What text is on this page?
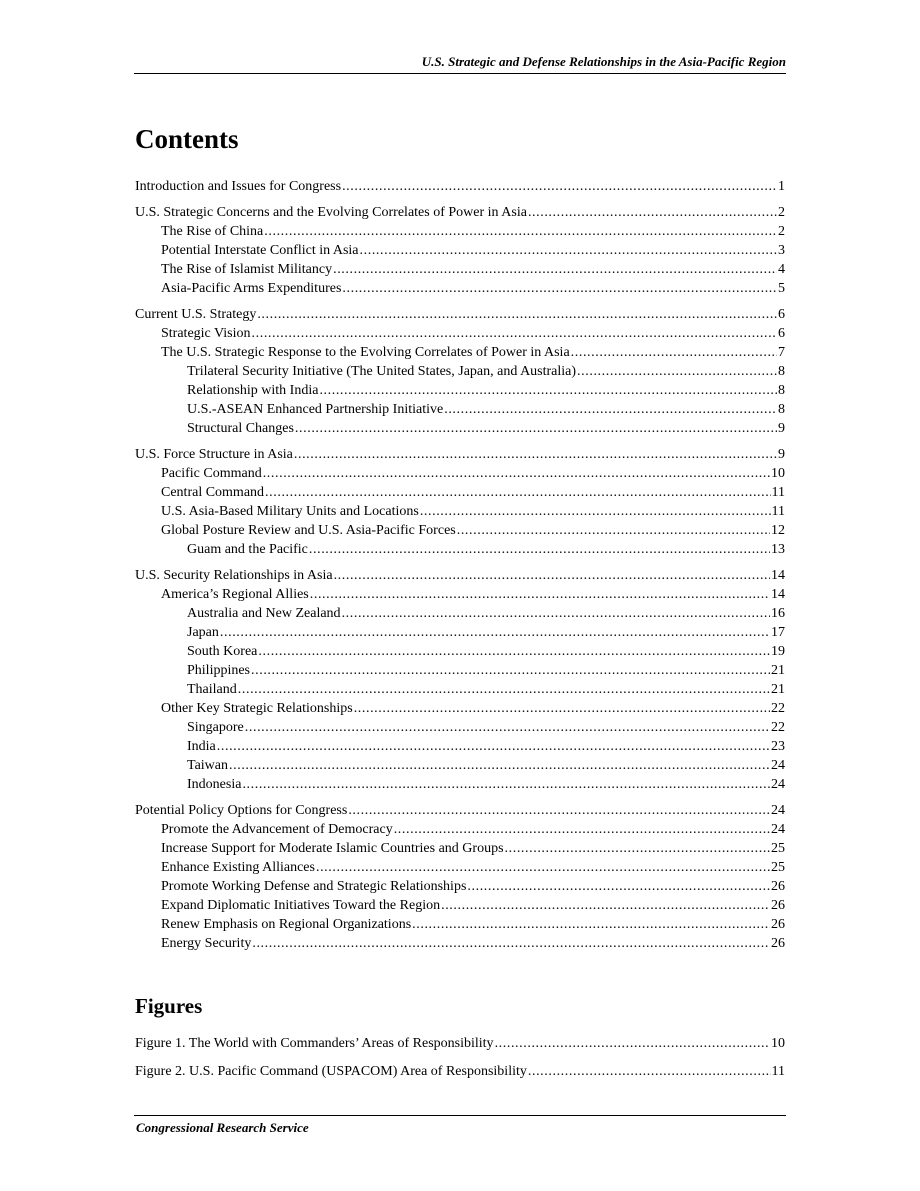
U.S. Strategic and Defense Relationships in the Asia-Pacific Region
Contents
Introduction and Issues for Congress .....	1
U.S. Strategic Concerns and the Evolving Correlates of Power in Asia .....	2
The Rise of China .....	2
Potential Interstate Conflict in Asia .....	3
The Rise of Islamist Militancy .....	4
Asia-Pacific Arms Expenditures .....	5
Current U.S. Strategy .....	6
Strategic Vision .....	6
The U.S. Strategic Response to the Evolving Correlates of Power in Asia .....	7
Trilateral Security Initiative (The United States, Japan, and Australia) .....	8
Relationship with India .....	8
U.S.-ASEAN Enhanced Partnership Initiative .....	8
Structural Changes .....	9
U.S. Force Structure in Asia .....	9
Pacific Command .....	10
Central Command .....	11
U.S. Asia-Based Military Units and Locations .....	11
Global Posture Review and U.S. Asia-Pacific Forces .....	12
Guam and the Pacific .....	13
U.S. Security Relationships in Asia .....	14
America’s Regional Allies .....	14
Australia and New Zealand .....	16
Japan .....	17
South Korea .....	19
Philippines .....	21
Thailand .....	21
Other Key Strategic Relationships .....	22
Singapore .....	22
India .....	23
Taiwan .....	24
Indonesia .....	24
Potential Policy Options for Congress .....	24
Promote the Advancement of Democracy .....	24
Increase Support for Moderate Islamic Countries and Groups .....	25
Enhance Existing Alliances .....	25
Promote Working Defense and Strategic Relationships .....	26
Expand Diplomatic Initiatives Toward the Region .....	26
Renew Emphasis on Regional Organizations .....	26
Energy Security .....	26
Figures
Figure 1. The World with Commanders’ Areas of Responsibility .....	10
Figure 2. U.S. Pacific Command (USPACOM) Area of Responsibility .....	11
Congressional Research Service
